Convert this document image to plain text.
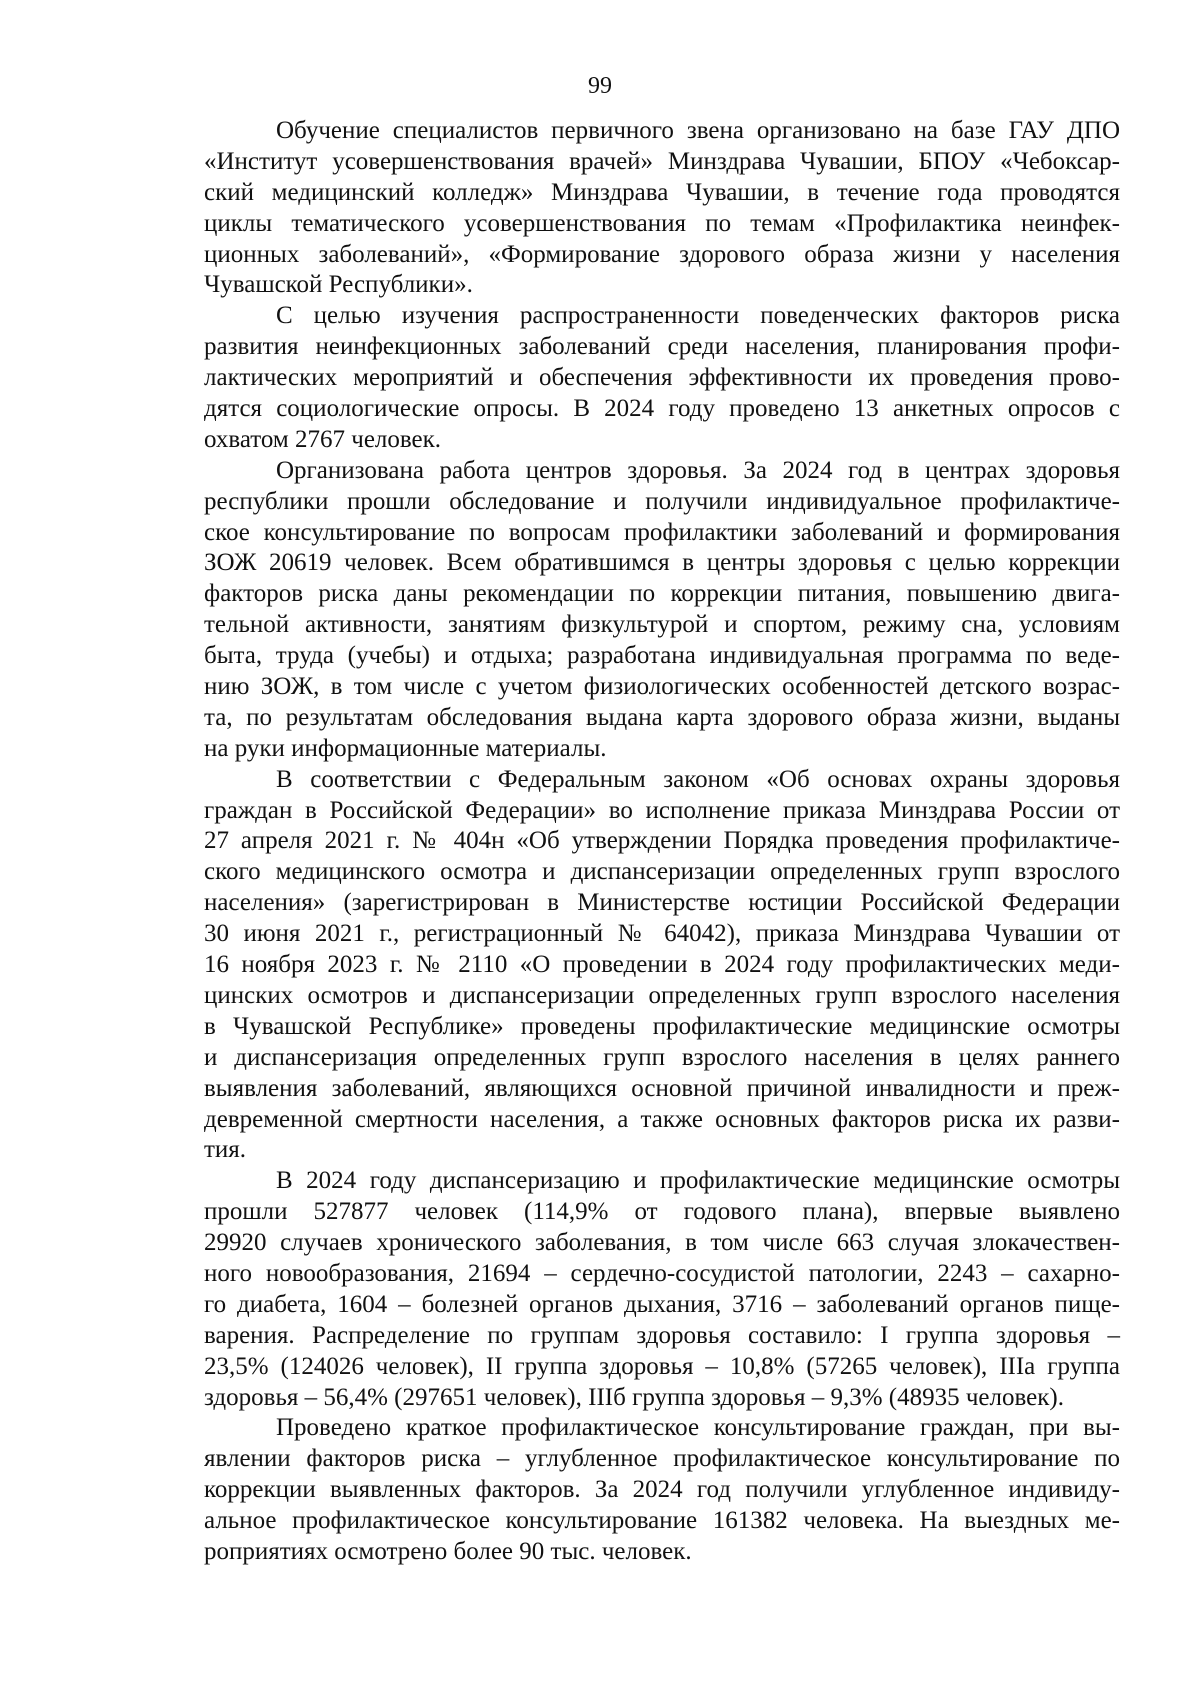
99
Обучение специалистов первичного звена организовано на базе ГАУ ДПО
«Институт усовершенствования врачей» Минздрава Чувашии, БПОУ «Чебоксар-
ский медицинский колледж» Минздрава Чувашии, в течение года проводятся
циклы тематического усовершенствования по темам «Профилактика неинфек-
ционных заболеваний», «Формирование здорового образа жизни у населения
Чувашской Республики».
С целью изучения распространенности поведенческих факторов риска
развития неинфекционных заболеваний среди населения, планирования профи-
лактических мероприятий и обеспечения эффективности их проведения прово-
дятся социологические опросы. В 2024 году проведено 13 анкетных опросов с
охватом 2767 человек.
Организована работа центров здоровья. За 2024 год в центрах здоровья
республики прошли обследование и получили индивидуальное профилактиче-
ское консультирование по вопросам профилактики заболеваний и формирования
ЗОЖ 20619 человек. Всем обратившимся в центры здоровья с целью коррекции
факторов риска даны рекомендации по коррекции питания, повышению двига-
тельной активности, занятиям физкультурой и спортом, режиму сна, условиям
быта, труда (учебы) и отдыха; разработана индивидуальная программа по веде-
нию ЗОЖ, в том числе с учетом физиологических особенностей детского возрас-
та, по результатам обследования выдана карта здорового образа жизни, выданы
на руки информационные материалы.
В соответствии с Федеральным законом «Об основах охраны здоровья
граждан в Российской Федерации» во исполнение приказа Минздрава России от
27 апреля 2021 г. № 404н «Об утверждении Порядка проведения профилактиче-
ского медицинского осмотра и диспансеризации определенных групп взрослого
населения» (зарегистрирован в Министерстве юстиции Российской Федерации
30 июня 2021 г., регистрационный № 64042), приказа Минздрава Чувашии от
16 ноября 2023 г. № 2110 «О проведении в 2024 году профилактических меди-
цинских осмотров и диспансеризации определенных групп взрослого населения
в Чувашской Республике» проведены профилактические медицинские осмотры
и диспансеризация определенных групп взрослого населения в целях раннего
выявления заболеваний, являющихся основной причиной инвалидности и преж-
девременной смертности населения, а также основных факторов риска их разви-
тия.
В 2024 году диспансеризацию и профилактические медицинские осмотры
прошли 527877 человек (114,9% от годового плана), впервые выявлено
29920 случаев хронического заболевания, в том числе 663 случая злокачествен-
ного новообразования, 21694 – сердечно-сосудистой патологии, 2243 – сахарно-
го диабета, 1604 – болезней органов дыхания, 3716 – заболеваний органов пище-
варения. Распределение по группам здоровья составило: I группа здоровья –
23,5% (124026 человек), II группа здоровья – 10,8% (57265 человек), IIIа группа
здоровья – 56,4% (297651 человек), IIIб группа здоровья – 9,3% (48935 человек).
Проведено краткое профилактическое консультирование граждан, при вы-
явлении факторов риска – углубленное профилактическое консультирование по
коррекции выявленных факторов. За 2024 год получили углубленное индивиду-
альное профилактическое консультирование 161382 человека. На выездных ме-
роприятиях осмотрено более 90 тыс. человек.
